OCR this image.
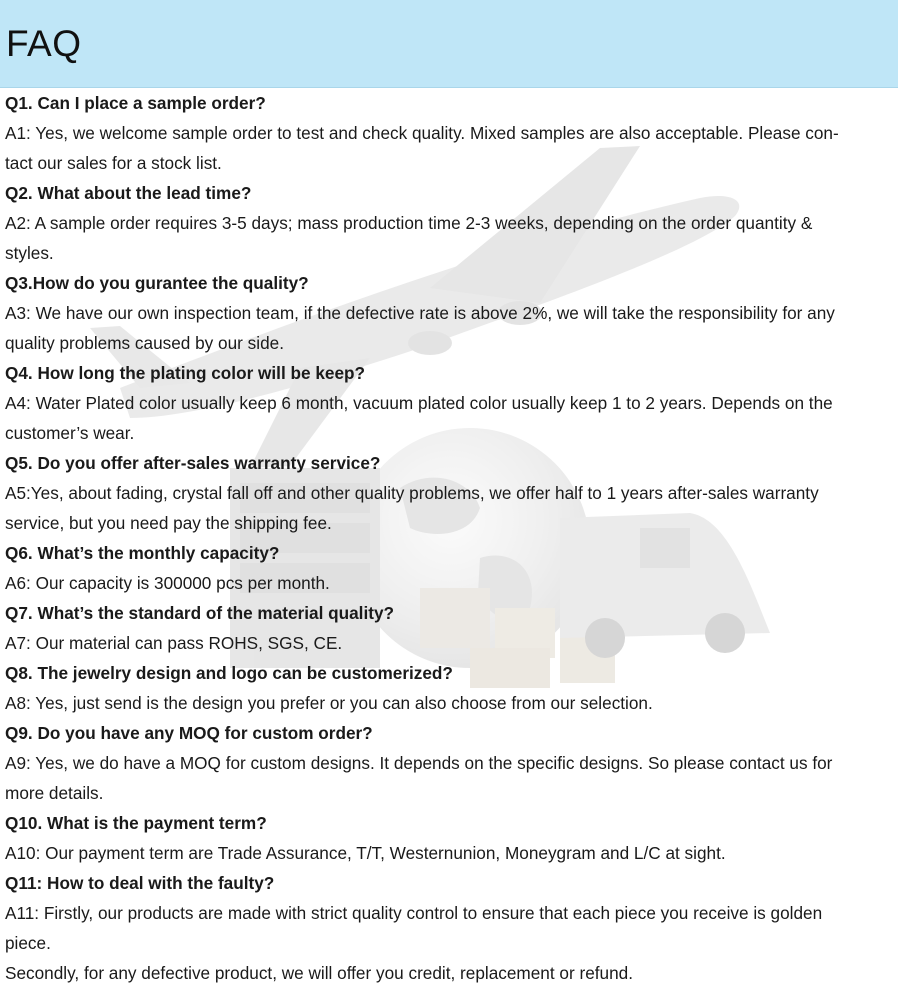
FAQ
Q1. Can I place a sample order?
A1: Yes, we welcome sample order to test and check quality. Mixed samples are also acceptable. Please con-
tact our sales for a stock list.
Q2. What about the lead time?
A2: A sample order requires 3-5 days; mass production time 2-3 weeks, depending on the order quantity &
styles.
Q3.How do you gurantee the quality?
A3: We have our own inspection team, if the defective rate is above 2%, we will take the responsibility for any
quality problems caused by our side.
Q4. How long the plating color will be keep?
A4: Water Plated color usually keep 6 month, vacuum plated color usually keep 1 to 2 years. Depends on the
customer’s wear.
Q5. Do you offer after-sales warranty service?
A5:Yes, about fading, crystal fall off and other quality problems, we offer half to 1 years after-sales warranty
service, but you need pay the shipping fee.
Q6. What’s the monthly capacity?
A6: Our capacity is 300000 pcs per month.
Q7. What’s the standard of the material quality?
A7: Our material can pass ROHS, SGS, CE.
Q8. The jewelry design and logo can be customerized?
A8: Yes, just send is the design you prefer or you can also choose from our selection.
Q9. Do you have any MOQ for custom order?
A9: Yes, we do have a MOQ for custom designs. It depends on the specific designs. So please contact us for
more details.
Q10. What is the payment term?
A10: Our payment term are Trade Assurance, T/T, Westernunion, Moneygram and L/C at sight.
Q11: How to deal with the faulty?
A11: Firstly, our products are made with strict quality control to ensure that each piece you receive is golden
piece.
Secondly, for any defective product, we will offer you credit, replacement or refund.
